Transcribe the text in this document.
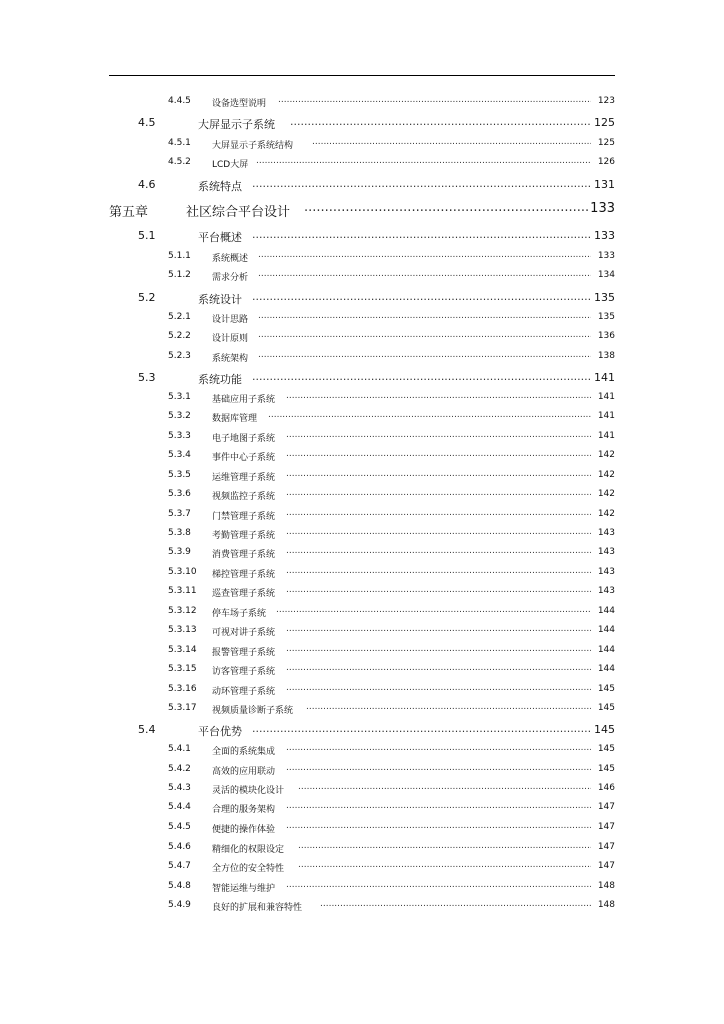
4.4.5 设备选型说明 .....	123
4.5	大屏显示子系统 .....	125
4.5.1 大屏显示子系统结构 .....	125
4.5.2 LCD大屏 .....	126
4.6	系统特点 .....	131
第五章	社区综合平台设计 .....	133
5.1	平台概述 .....	133
5.1.1 系统概述 .....	133
5.1.2 需求分析 .....	134
5.2	系统设计 .....	135
5.2.1 设计思路 .....	135
5.2.2 设计原则 .....	136
5.2.3 系统架构 .....	138
5.3	系统功能 .....	141
5.3.1 基础应用子系统 .....	141
5.3.2 数据库管理 .....	141
5.3.3 电子地图子系统 .....	141
5.3.4 事件中心子系统 .....	142
5.3.5 运维管理子系统 .....	142
5.3.6 视频监控子系统 .....	142
5.3.7 门禁管理子系统 .....	142
5.3.8 考勤管理子系统 .....	143
5.3.9 消费管理子系统 .....	143
5.3.10 梯控管理子系统 .....	143
5.3.11 巡查管理子系统 .....	143
5.3.12 停车场子系统 .....	144
5.3.13 可视对讲子系统 .....	144
5.3.14 报警管理子系统 .....	144
5.3.15 访客管理子系统 .....	144
5.3.16 动环管理子系统 .....	145
5.3.17 视频质量诊断子系统 .....	145
5.4	平台优势 .....	145
5.4.1 全面的系统集成 .....	145
5.4.2 高效的应用联动 .....	145
5.4.3 灵活的模块化设计 .....	146
5.4.4 合理的服务架构 .....	147
5.4.5 便捷的操作体验 .....	147
5.4.6 精细化的权限设定 .....	147
5.4.7 全方位的安全特性 .....	147
5.4.8 智能运维与维护 .....	148
5.4.9 良好的扩展和兼容特性 .....	148
